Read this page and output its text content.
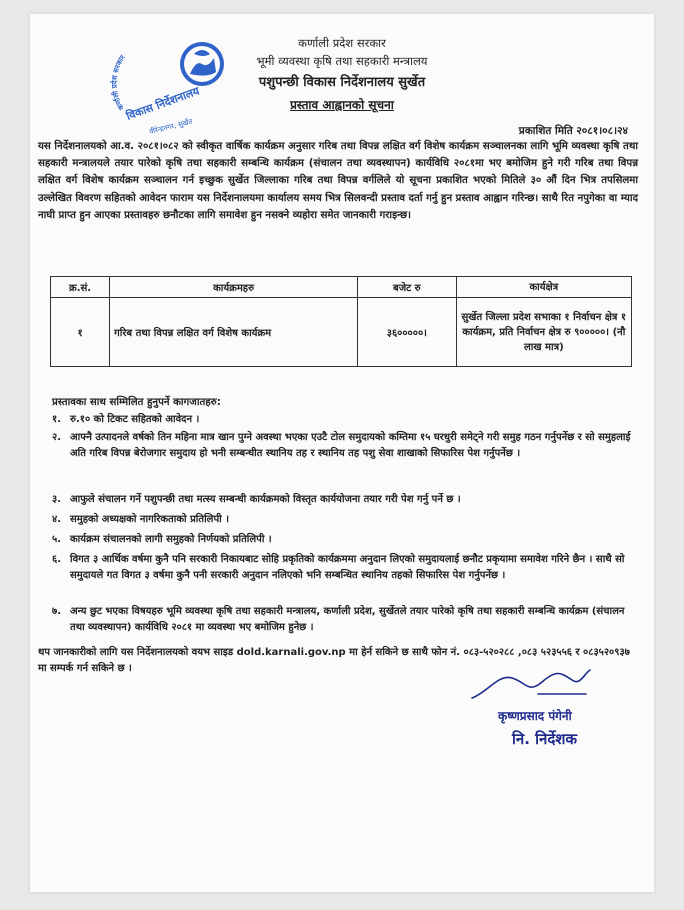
कर्णाली प्रदेश सरकार
विकास निर्देशनालय
वीरेन्द्रनगर, सुर्खेत
कर्णाली प्रदेश सरकार
भूमी व्यवस्था कृषि तथा सहकारी मन्त्रालय
पशुपन्छी विकास निर्देशनालय सुर्खेत
प्रस्ताव आह्वानको सूचना
प्रकाशित मिति २०८१।०८।२४
यस निर्देशनालयको आ.व. २०८१।०८२ को स्वीकृत वार्षिक कार्यक्रम अनुसार गरिब तथा विपन्न लक्षित वर्ग विशेष कार्यक्रम सञ्चालनका लागि भूमि व्यवस्था कृषि तथा सहकारी मन्त्रालयले तयार पारेको कृषि तथा सहकारी सम्बन्धि कार्यक्रम (संचालन तथा व्यवस्थापन) कार्यविधि २०८१मा भए बमोजिम हुने गरी गरिब तथा विपन्न लक्षित वर्ग विशेष कार्यक्रम सञ्चालन गर्न इच्छुक सुर्खेत जिल्लाका गरिब तथा विपन्न वर्गलिले यो सूचना प्रकाशित भएको मितिले ३० औं दिन भित्र तपसिलमा उल्लेखित विवरण सहितको आवेदन फाराम यस निर्देशनालयमा कार्यालय समय भित्र सिलवन्दी प्रस्ताव दर्ता गर्नु हुन प्रस्ताव आह्वान गरिन्छ। साथै रित नपुगेका वा म्याद नाघी प्राप्त हुन आएका प्रस्तावहरु छनौटका लागि समावेश हुन नसक्ने व्यहोरा समेत जानकारी गराइन्छ।
क्र.सं.	कार्यक्रमहरु	बजेट रु	कार्यक्षेत्र
१	गरिब तथा विपन्न लक्षित वर्ग विशेष कार्यक्रम	३६०००००।	सुर्खेत जिल्ला प्रदेश सभाका १ निर्वाचन क्षेत्र १ कार्यक्रम, प्रति निर्वाचन क्षेत्र रु ९०००००। (नौ लाख मात्र)
प्रस्तावका साथ सम्मिलित हुनुपर्ने कागजातहरु:
१. रु.१० को टिकट सहितको आवेदन ।
२. आफ्नै उत्पादनले वर्षको तिन महिना मात्र खान पुग्ने अवस्था भएका एउटै टोल समुदायको कम्तिमा १५ घरधुरी समेट्ने गरी समुह गठन गर्नुपर्नेछ र सो समुहलाई अति गरिब विपन्न बेरोजगार समुदाय हो भनी सम्बन्धीत स्थानिय तह र स्थानिय तह पशु सेवा शाखाको सिफारिस पेश गर्नुपर्नेछ ।
३. आफुले संचालन गर्ने पशुपन्छी तथा मत्स्य सम्बन्धी कार्यक्रमको विस्तृत कार्ययोजना तयार गरी पेश गर्नु पर्ने छ ।
४. समुहको अध्यक्षको नागरिकताको प्रतिलिपी ।
५. कार्यक्रम संचालनको लागी समुहको निर्णयको प्रतिलिपी ।
६. विगत ३ आर्थिक वर्षमा कुनै पनि सरकारी निकायबाट सोहि प्रकृतिको कार्यक्रममा अनुदान लिएको समुदायलाई छनौट प्रकृयामा समावेश गरिने छैन । साथै सो समुदायले गत विगत ३ वर्षमा कुनै पनी सरकारी अनुदान नलिएको भनि सम्बन्धित स्थानिय तहको सिफारिस पेश गर्नुपर्नेछ ।
७. अन्य छुट भएका विषयहरु भूमि व्यवस्था कृषि तथा सहकारी मन्त्रालय, कर्णाली प्रदेश, सुर्खेतले तयार पारेको कृषि तथा सहकारी सम्बन्धि कार्यक्रम (संचालन तथा व्यवस्थापन) कार्यविधि २०८१ मा व्यवस्था भए बमोजिम हुनेछ ।
थप जानकारीको लागि यस निर्देशनालयको वयभ साइड dold.karnali.gov.np मा हेर्न सकिने छ साथै फोन नं. ०८३-५२०२८८ ,०८३ ५२३५५६ र ०८३५२०९३७ मा सम्पर्क गर्न सकिने छ ।
कृष्णप्रसाद पंगेनी
नि. निर्देशक
